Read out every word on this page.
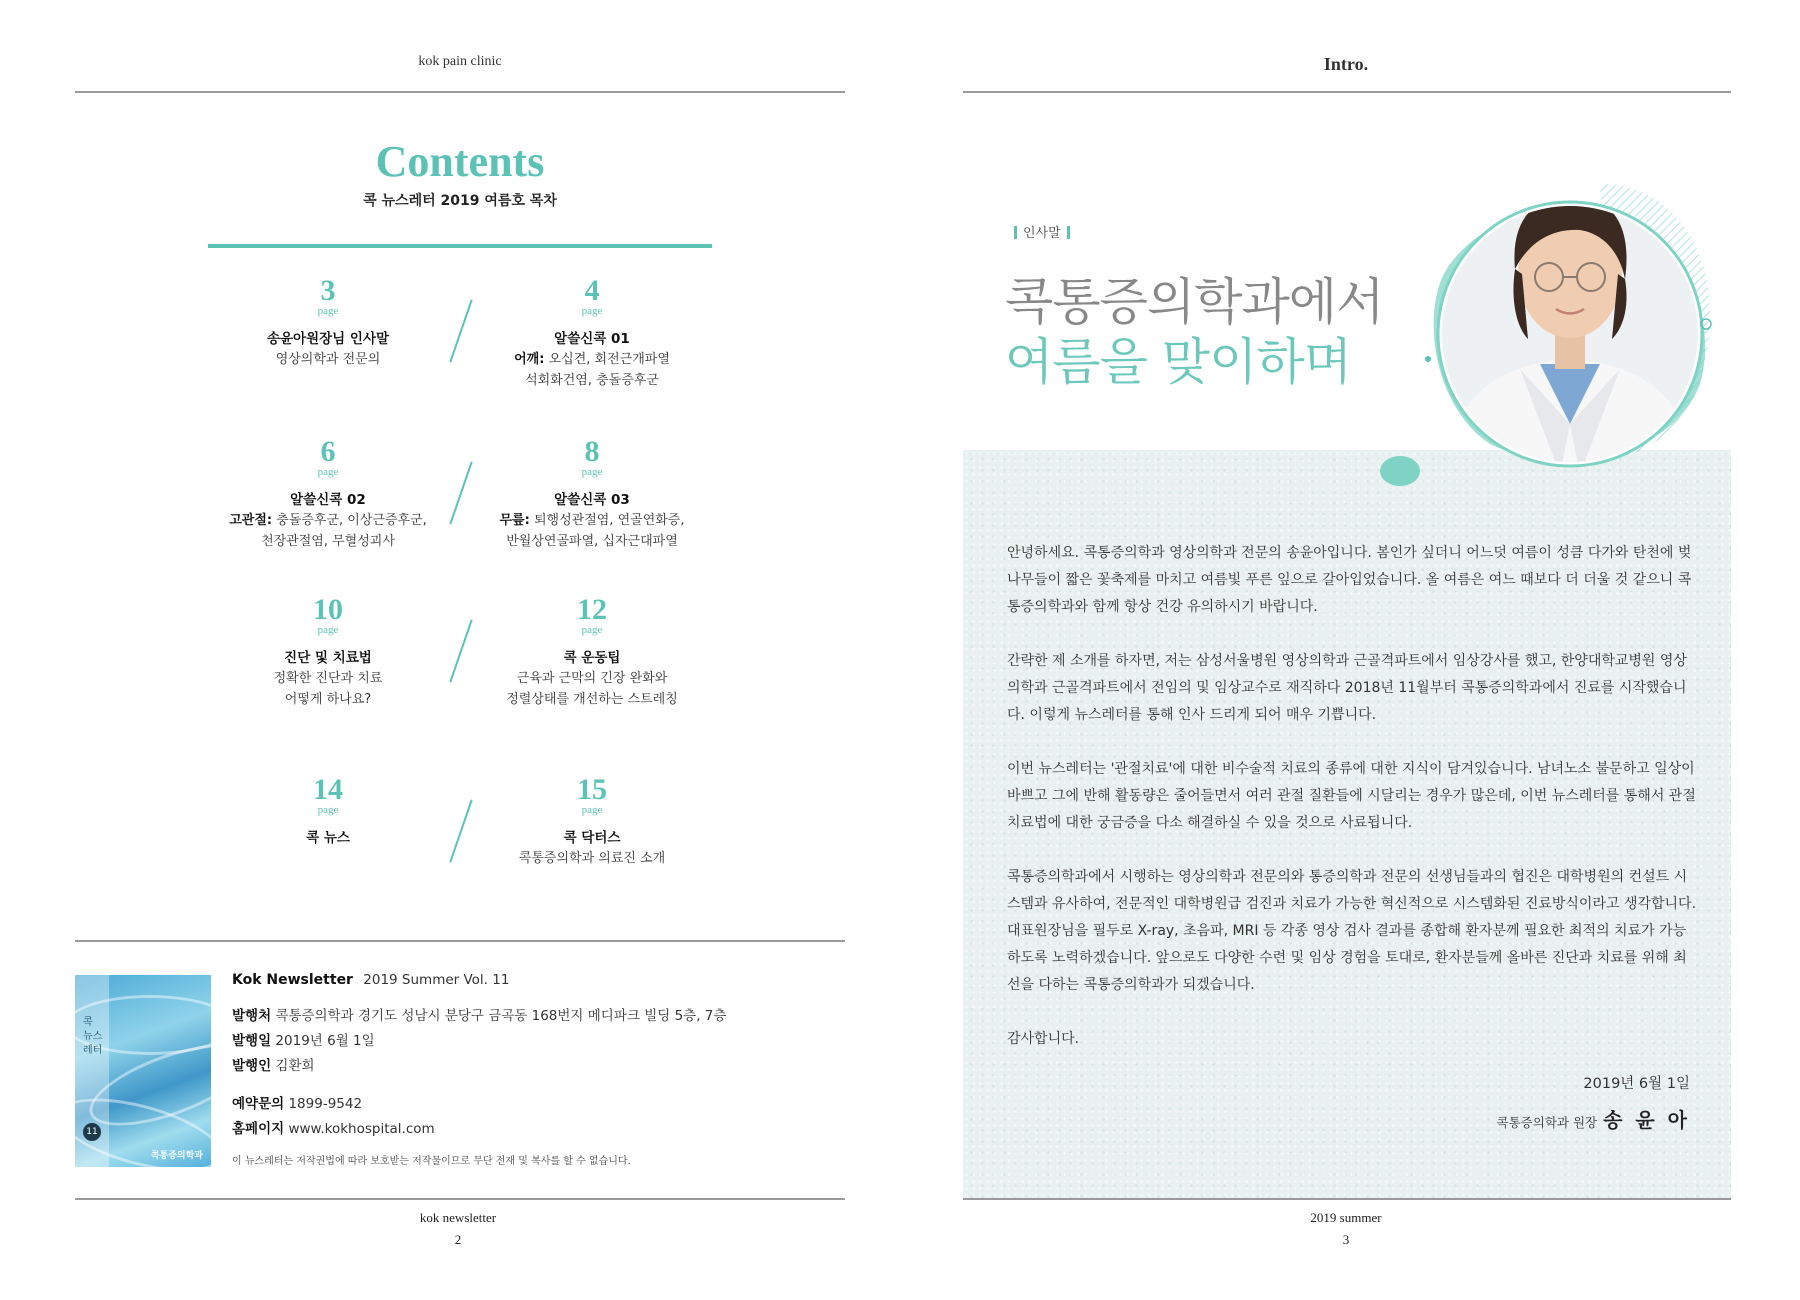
kok pain clinic
Contents
콕 뉴스레터 2019 여름호 목차
3
page
송윤아원장님 인사말
영상의학과 전문의
4
page
알쓸신콕 01
어깨: 오십견, 회전근개파열
석회화건염, 충돌증후군
6
page
알쓸신콕 02
고관절: 충돌증후군, 이상근증후군,
천장관절염, 무혈성괴사
8
page
알쓸신콕 03
무릎: 퇴행성관절염, 연골연화증,
반월상연골파열, 십자근대파열
10
page
진단 및 치료법
정확한 진단과 치료
어떻게 하나요?
12
page
콕 운동팁
근육과 근막의 긴장 완화와
정렬상태를 개선하는 스트레칭
14
page
콕 뉴스
15
page
콕 닥터스
콕통증의학과 의료진 소개
콕
뉴스
레터
11
콕통증의학과
Kok Newsletter 2019 Summer Vol. 11
발행처 콕통증의학과 경기도 성남시 분당구 금곡동 168번지 메디파크 빌딩 5층, 7층
발행일 2019년 6월 1일
발행인 김환희
예약문의 1899-9542
홈페이지 www.kokhospital.com
이 뉴스레터는 저작권법에 따라 보호받는 저작물이므로 무단 전재 및 복사를 할 수 없습니다.
kok newsletter
2
Intro.
인사말
콕통증의학과에서
여름을 맞이하며

안녕하세요. 콕통증의학과 영상의학과 전문의 송윤아입니다. 봄인가 싶더니 어느덧 여름이 성큼 다가와 탄천에 벚나무들이 짧은 꽃축제를 마치고 여름빛 푸른 잎으로 갈아입었습니다. 올 여름은 여느 때보다 더 더울 것 같으니 콕통증의학과와 함께 항상 건강 유의하시기 바랍니다.

간략한 제 소개를 하자면, 저는 삼성서울병원 영상의학과 근골격파트에서 임상강사를 했고, 한양대학교병원 영상의학과 근골격파트에서 전임의 및 임상교수로 재직하다 2018년 11월부터 콕통증의학과에서 진료를 시작했습니다. 이렇게 뉴스레터를 통해 인사 드리게 되어 매우 기쁩니다.

이번 뉴스레터는 '관절치료'에 대한 비수술적 치료의 종류에 대한 지식이 담겨있습니다. 남녀노소 불문하고 일상이 바쁘고 그에 반해 활동량은 줄어들면서 여러 관절 질환들에 시달리는 경우가 많은데, 이번 뉴스레터를 통해서 관절 치료법에 대한 궁금증을 다소 해결하실 수 있을 것으로 사료됩니다.

콕통증의학과에서 시행하는 영상의학과 전문의와 통증의학과 전문의 선생님들과의 협진은 대학병원의 컨설트 시스템과 유사하여, 전문적인 대학병원급 검진과 치료가 가능한 혁신적으로 시스템화된 진료방식이라고 생각합니다. 대표원장님을 필두로 X-ray, 초음파, MRI 등 각종 영상 검사 결과를 종합해 환자분께 필요한 최적의 치료가 가능하도록 노력하겠습니다. 앞으로도 다양한 수련 및 임상 경험을 토대로, 환자분들께 올바른 진단과 치료를 위해 최선을 다하는 콕통증의학과가 되겠습니다.

감사합니다.

2019년 6월 1일
콕통증의학과 원장 송 윤 아
2019 summer
3
